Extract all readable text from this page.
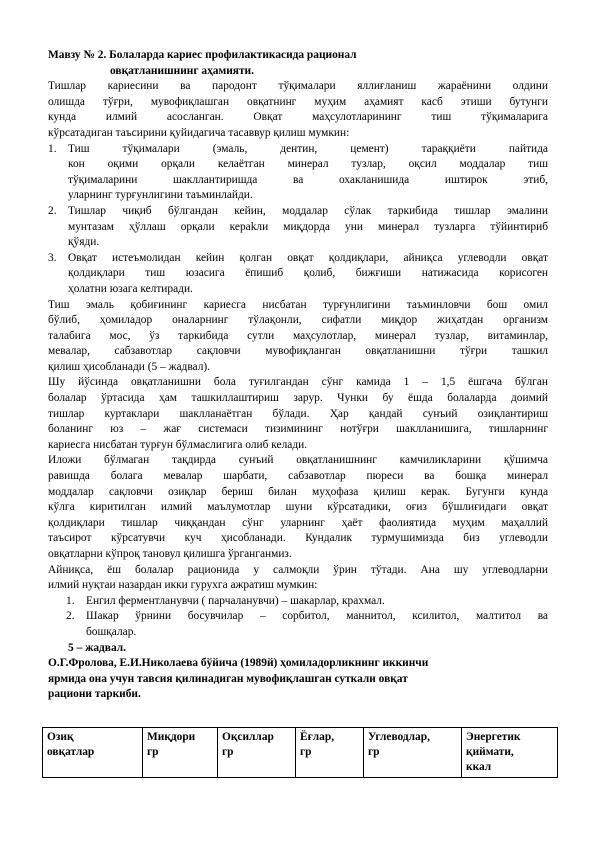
Мавзу № 2. Болаларда кариес профилактикасида рационал
овқатланишнинг аҳамияти.
Тишлар кариесини ва пародонт тўқималари яллиғланиш жараёнини олдини
олишда тўғри, мувофиқлашган овқатнинг муҳим аҳамият касб этиши бутунги
кунда илмий асосланган. Овқат маҳсулотларининг тиш тўқималарига
кўрсатадиган таъсирини қуйидагича тасаввур қилиш мумкин:
1.	Тиш тўқималари (эмаль, дентин, цемент) тараққиёти пайтида
кон оқими орқали келаётган минерал тузлар, оқсил моддалар тиш
тўқималарини шакллантиришда ва охакланишида иштирок этиб,
уларнинг турғунлигини таъминлайди.
2.	Тишлар чиқиб бўлгандан кейин, моддалар сўлак таркибида тишлар эмалини
мунтазам ҳўллаш орқали кераkли миқдорда уни минерал тузларга тўйинтириб
қўяди.
3.	Овқат истеъмолидан кейин қолган овқат қолдиқлари, айниқса углеводли овқат
қолдиқлари тиш юзасига ёпишиб қолиб, бижғиши натижасида корисоген
ҳолатни юзага келтиради.
Тиш эмаль қобиғининг кариесга нисбатан турғунлигини таъминловчи бош омил
бўлиб, ҳомиладор оналарнинг тўлақонли, сифатли миқдор жиҳатдан организм
талабига мос, ўз таркибида сутли маҳсулотлар, минерал тузлар, витаминлар,
мевалар, сабзавотлар сақловчи мувофиқланган овқатланишни тўғри ташкил
қилиш ҳисобланади (5 – жадвал).
Шу йўсинда овқатланишни бола туғилгандан сўнг камида 1 – 1,5 ёшгача бўлган
болалар ўртасида ҳам ташкиллаштириш зарур. Чунки бу ёшда болаларда доимий
тишлар куртаклари шаклланаётган бўлади. Ҳар қандай сунъий озиқлантириш
боланинг юз – жағ системаси тизимининг нотўғри шаклланишига, тишларнинг
кариесга нисбатан турғун бўлмаслигига олиб келади.
Иложи бўлмаган тақдирда сунъий овқатланишнинг камчиликларини қўшимча
равишда болага мевалар шарбати, сабзавотлар пюреси ва бошқа минерал
моддалар сақловчи озиқлар бериш билан муҳофаза қилиш керак. Бугунги кунда
кўлга киритилган илмий маълумотлар шуни кўрсатадики, оғиз бўшлиғидаги овқат
қолдиқлари тишлар чиққандан сўнг уларнинг ҳаёт фаолиятида муҳим маҳаллий
таъсирот кўрсатувчи куч ҳисобланади. Кундалик турмушимизда биз углеводли
овқатларни кўпроқ тановул қилишга ўрганганмиз.
Айниқса, ёш болалар рационида у салмоқли ўрин тўтади. Ана шу углеводларни
илмий нуқтаи назардан икки гурухга ажратиш мумкин:
1.	Енгил ферментланувчи ( парчаланувчи) – шакарлар, крахмал.
2.	Шакар ўрнини босувчилар – сорбитол, маннитол, ксилитол, малтитол ва
бошқалар.
5 – жадвал.
О.Г.Фролова, Е.И.Николаева бўйича (1989й) ҳомиладорликнинг иккинчи
ярмида она учун тавсия қилинадиган мувофиқлашган суткали овқат
рациони таркиби.
Озиқ
овқатлар

Миқдори
гр

Оқсиллар
гр

Ёғлар,
гр

Углеводлар,
гр

Энергетик
қиймати,
ккал
